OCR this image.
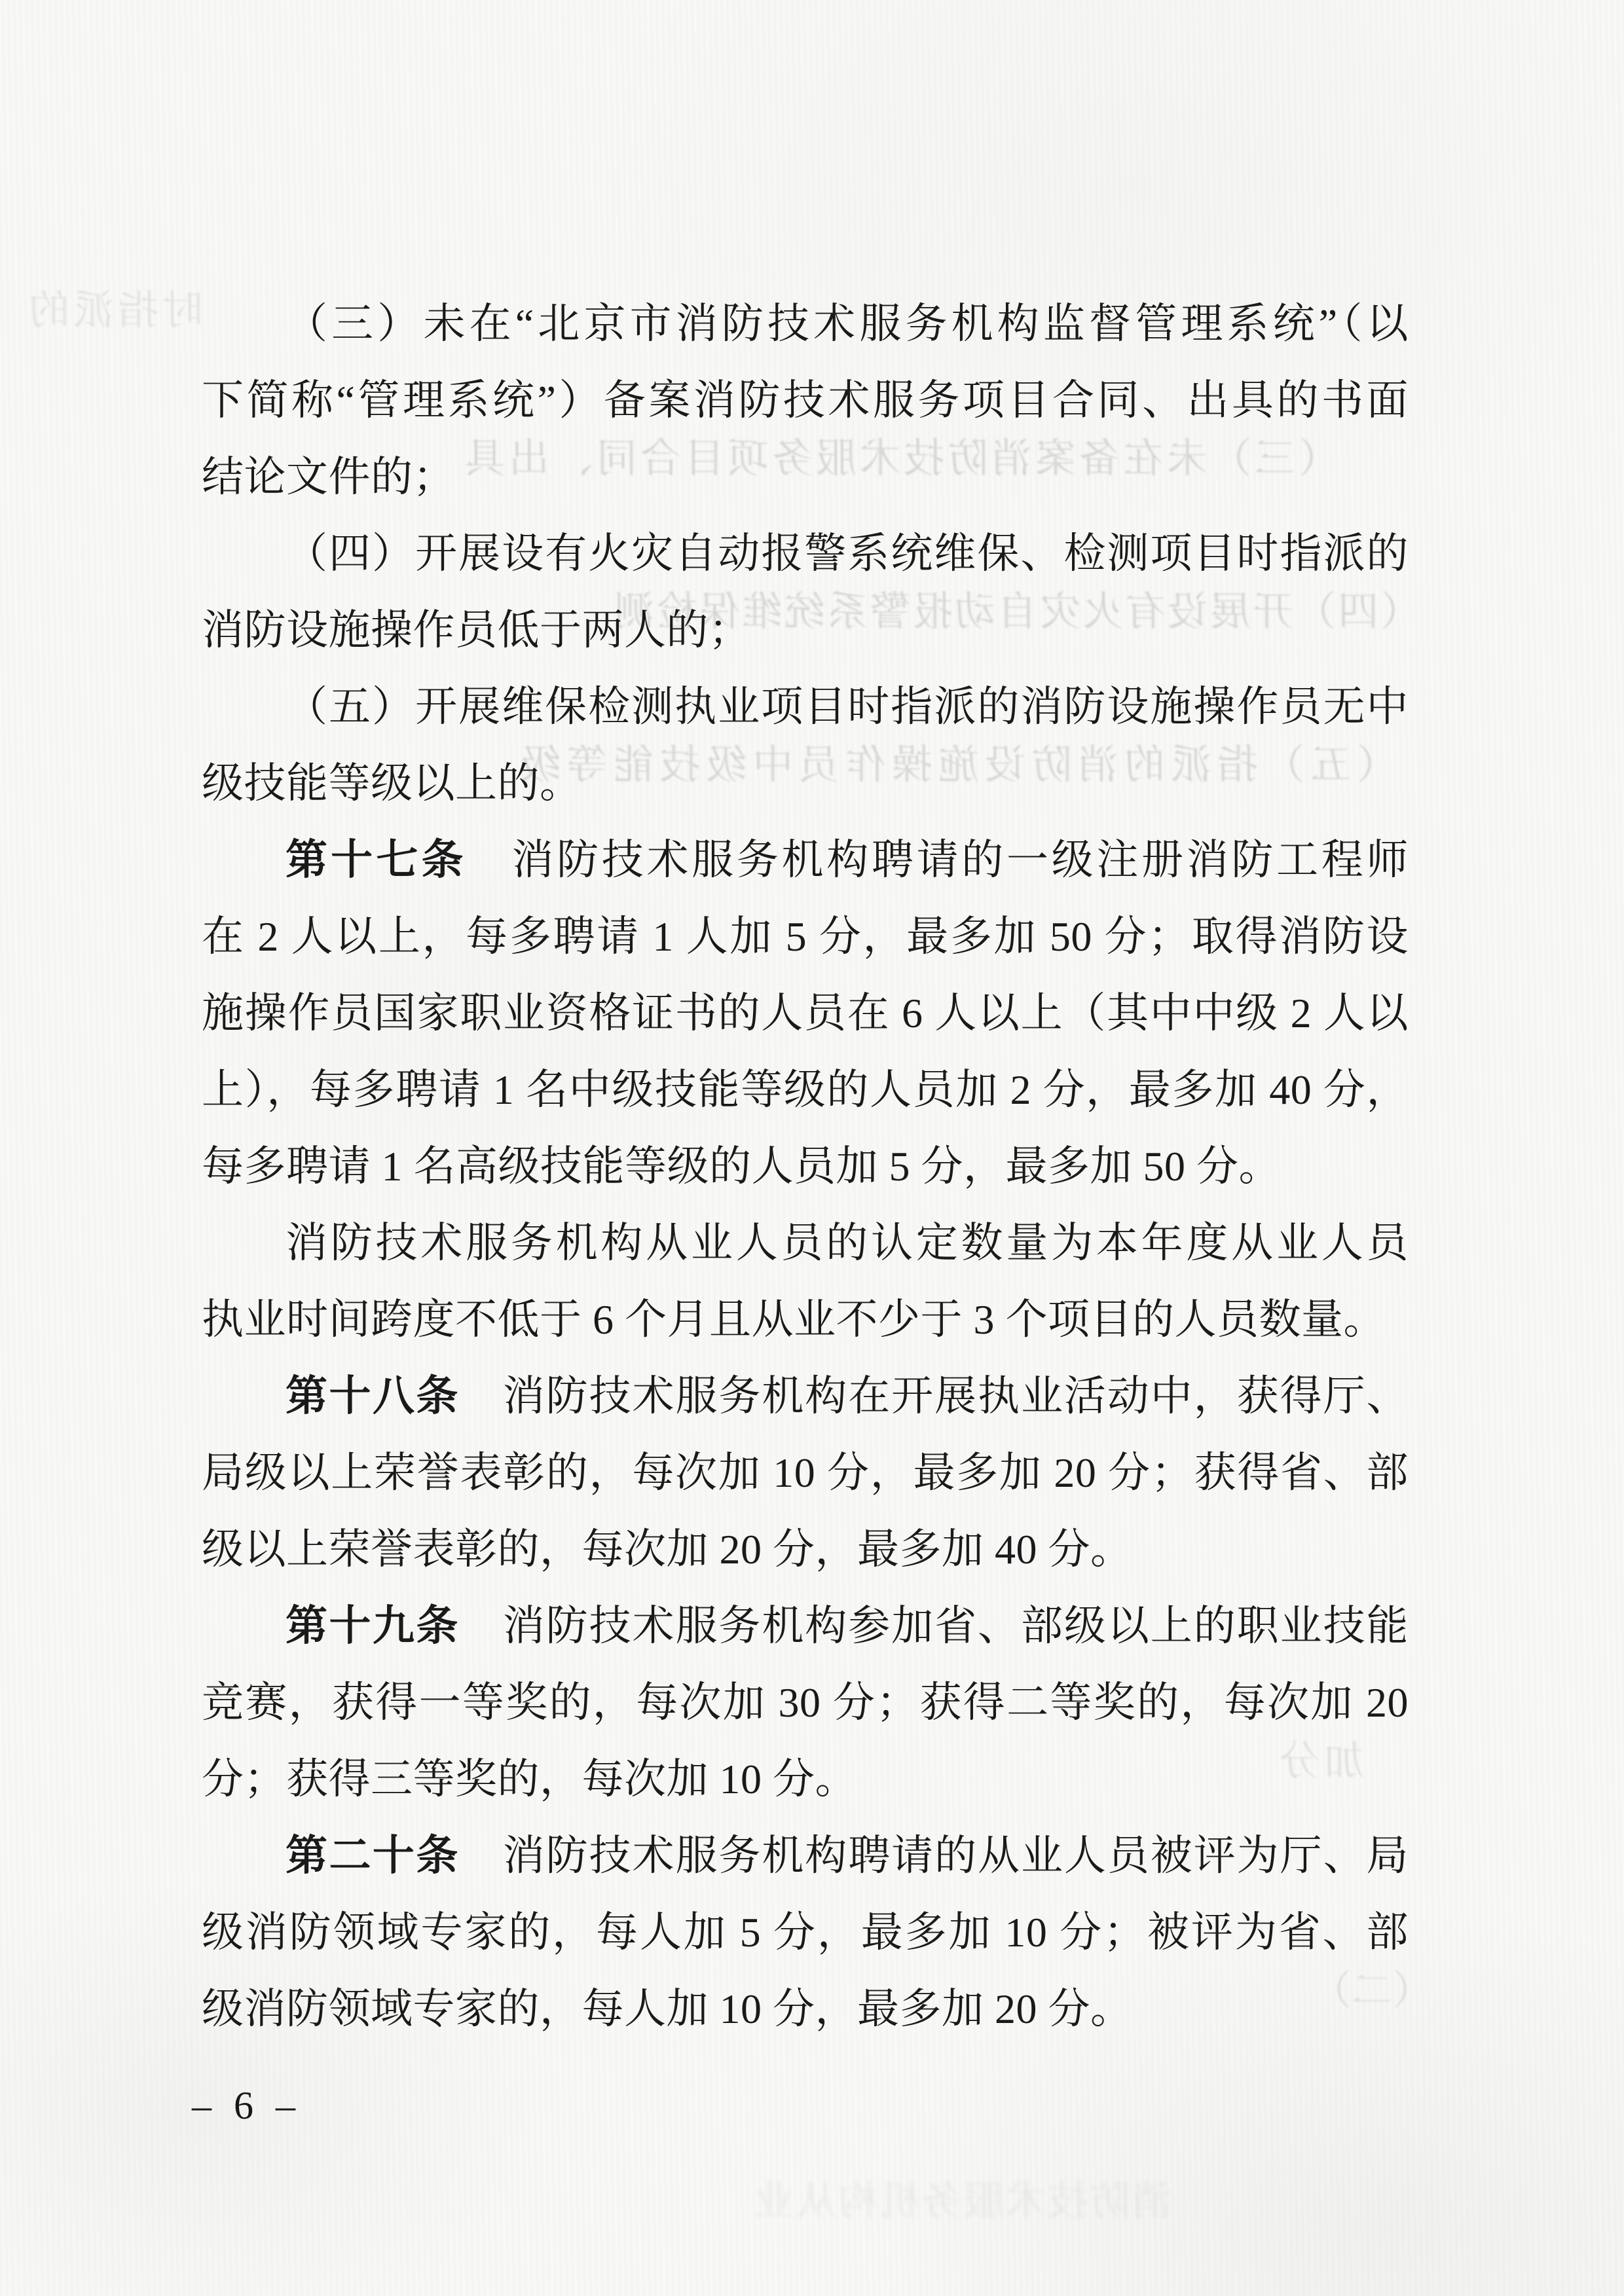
时指派的
（三）未在备案消防技术服务项目合同、出具
（四）开展设有火灾自动报警系统维保检测
（五）指派的消防设施操作员中级技能等级
加分
（二）
消防技术服务机构从业
（三）未在“北京市消防技术服务机构监督管理系统”（以
下简称“管理系统”）备案消防技术服务项目合同、出具的书面
结论文件的；
（四）开展设有火灾自动报警系统维保、检测项目时指派的
消防设施操作员低于两人的；
（五）开展维保检测执业项目时指派的消防设施操作员无中
级技能等级以上的。
第十七条　消防技术服务机构聘请的一级注册消防工程师
在 2 人以上，每多聘请 1 人加 5 分，最多加 50 分；取得消防设
施操作员国家职业资格证书的人员在 6 人以上（其中中级 2 人以
上），每多聘请 1 名中级技能等级的人员加 2 分，最多加 40 分，
每多聘请 1 名高级技能等级的人员加 5 分，最多加 50 分。
消防技术服务机构从业人员的认定数量为本年度从业人员
执业时间跨度不低于 6 个月且从业不少于 3 个项目的人员数量。
第十八条　消防技术服务机构在开展执业活动中，获得厅、
局级以上荣誉表彰的，每次加 10 分，最多加 20 分；获得省、部
级以上荣誉表彰的，每次加 20 分，最多加 40 分。
第十九条　消防技术服务机构参加省、部级以上的职业技能
竞赛，获得一等奖的，每次加 30 分；获得二等奖的，每次加 20
分；获得三等奖的，每次加 10 分。
第二十条　消防技术服务机构聘请的从业人员被评为厅、局
级消防领域专家的，每人加 5 分，最多加 10 分；被评为省、部
级消防领域专家的，每人加 10 分，最多加 20 分。
– 6 –
